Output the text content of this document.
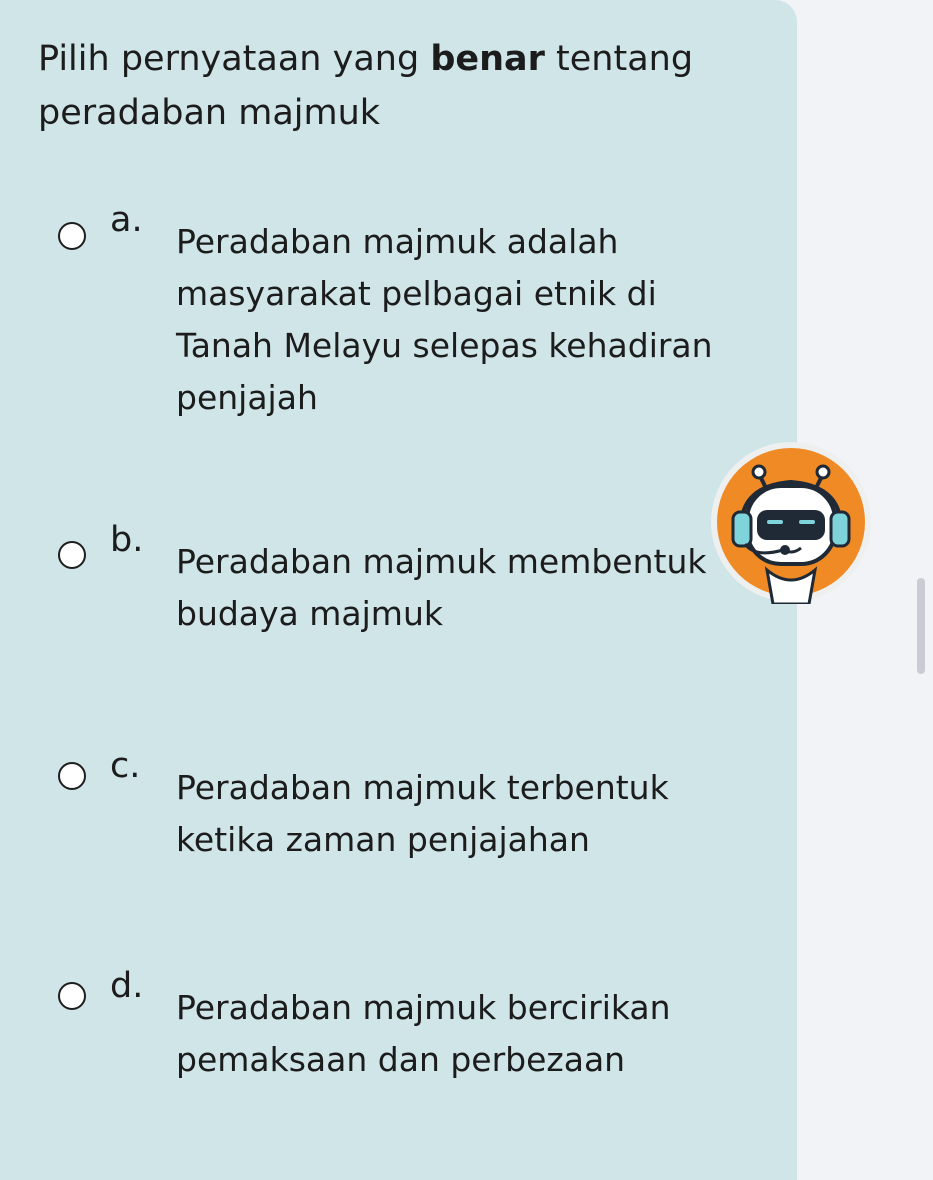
Pilih pernyataan yang benar tentang peradaban majmuk
a.
Peradaban majmuk adalah masyarakat pelbagai etnik di Tanah Melayu selepas kehadiran penjajah
b.
Peradaban majmuk membentuk budaya majmuk
c.
Peradaban majmuk terbentuk ketika zaman penjajahan
d.
Peradaban majmuk bercirikan pemaksaan dan perbezaan
